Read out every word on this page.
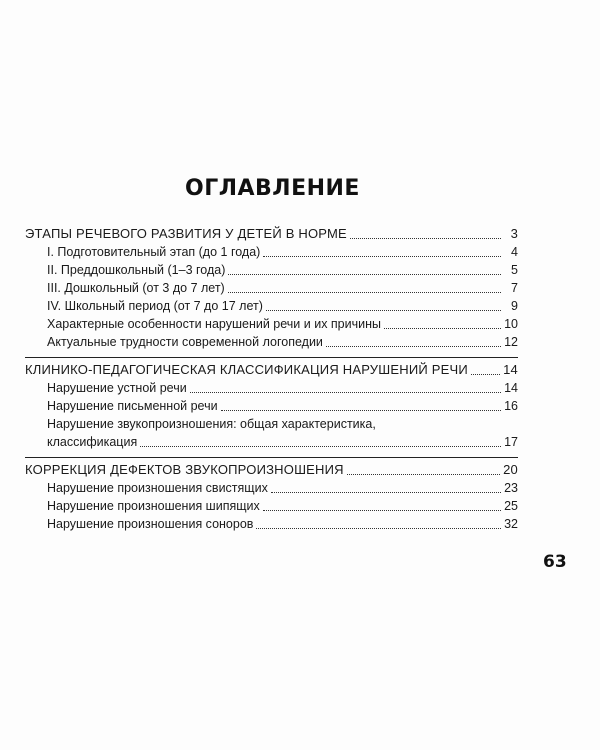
ОГЛАВЛЕНИЕ
ЭТАПЫ РЕЧЕВОГО РАЗВИТИЯ У ДЕТЕЙ В НОРМЕ	3
I. Подготовительный этап (до 1 года)	4
II. Преддошкольный (1–3 года)	5
III. Дошкольный (от 3 до 7 лет)	7
IV. Школьный период (от 7 до 17 лет)	9
Характерные особенности нарушений речи и их причины	10
Актуальные трудности современной логопедии	12
КЛИНИКО-ПЕДАГОГИЧЕСКАЯ КЛАССИФИКАЦИЯ НАРУШЕНИЙ РЕЧИ	14
Нарушение устной речи	14
Нарушение письменной речи	16
Нарушение звукопроизношения: общая характеристика,
классификация	17
КОРРЕКЦИЯ ДЕФЕКТОВ ЗВУКОПРОИЗНОШЕНИЯ	20
Нарушение произношения свистящих	23
Нарушение произношения шипящих	25
Нарушение произношения соноров	32
63
